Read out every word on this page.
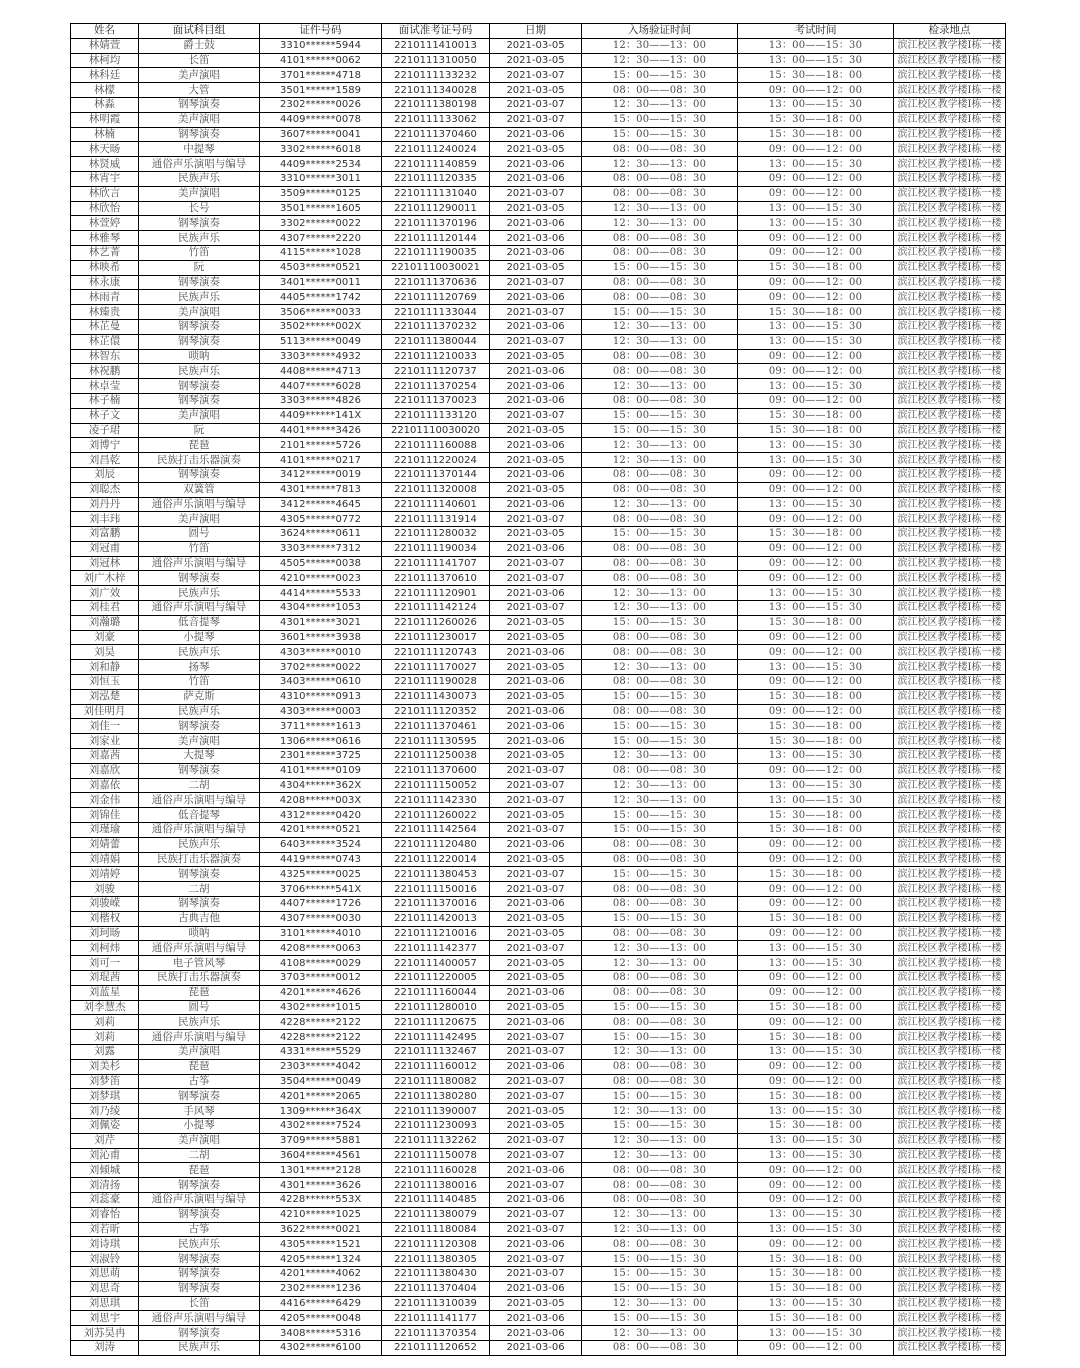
姓名	面试科目组	证件号码	面试准考证号码	日期	入场验证时间	考试时间	检录地点
林婧萱	爵士鼓	3310******5944	2210111410013	2021-03-05	12：30——13：00	13：00——15：30	滨江校区教学楼I栋一楼
林柯均	长笛	4101******0062	2210111310050	2021-03-05	12：30——13：00	13：00——15：30	滨江校区教学楼I栋一楼
林科廷	美声演唱	3701******4718	2210111133232	2021-03-07	15：00——15：30	15：30——18：00	滨江校区教学楼I栋一楼
林檬	大管	3501******1589	2210111340028	2021-03-05	08：00——08：30	09：00——12：00	滨江校区教学楼I栋一楼
林淼	钢琴演奏	2302******0026	2210111380198	2021-03-07	12：30——13：00	13：00——15：30	滨江校区教学楼I栋一楼
林明霞	美声演唱	4409******0078	2210111133062	2021-03-07	15：00——15：30	15：30——18：00	滨江校区教学楼I栋一楼
林楠	钢琴演奏	3607******0041	2210111370460	2021-03-06	15：00——15：30	15：30——18：00	滨江校区教学楼I栋一楼
林天旸	中提琴	3302******6018	2210111240024	2021-03-05	08：00——08：30	09：00——12：00	滨江校区教学楼I栋一楼
林贤威	通俗声乐演唱与编导	4409******2534	2210111140859	2021-03-06	12：30——13：00	13：00——15：30	滨江校区教学楼I栋一楼
林宵宇	民族声乐	3310******3011	2210111120335	2021-03-06	08：00——08：30	09：00——12：00	滨江校区教学楼I栋一楼
林欣言	美声演唱	3509******0125	2210111131040	2021-03-07	08：00——08：30	09：00——12：00	滨江校区教学楼I栋一楼
林欣怡	长号	3501******1605	2210111290011	2021-03-05	12：30——13：00	13：00——15：30	滨江校区教学楼I栋一楼
林萱婷	钢琴演奏	3302******0022	2210111370196	2021-03-06	12：30——13：00	13：00——15：30	滨江校区教学楼I栋一楼
林雅琴	民族声乐	4307******2220	2210111120144	2021-03-06	08：00——08：30	09：00——12：00	滨江校区教学楼I栋一楼
林艺菁	竹笛	4115******1028	2210111190035	2021-03-06	08：00——08：30	09：00——12：00	滨江校区教学楼I栋一楼
林映希	阮	4503******0521	22101110030021	2021-03-05	15：00——15：30	15：30——18：00	滨江校区教学楼I栋一楼
林永康	钢琴演奏	3401******0011	2210111370636	2021-03-07	08：00——08：30	09：00——12：00	滨江校区教学楼I栋一楼
林雨青	民族声乐	4405******1742	2210111120769	2021-03-06	08：00——08：30	09：00——12：00	滨江校区教学楼I栋一楼
林臻贵	美声演唱	3506******0033	2210111133044	2021-03-07	15：00——15：30	15：30——18：00	滨江校区教学楼I栋一楼
林芷曼	钢琴演奏	3502******002X	2210111370232	2021-03-06	12：30——13：00	13：00——15：30	滨江校区教学楼I栋一楼
林芷儇	钢琴演奏	5113******0049	2210111380044	2021-03-07	12：30——13：00	13：00——15：30	滨江校区教学楼I栋一楼
林智东	唢呐	3303******4932	2210111210033	2021-03-05	08：00——08：30	09：00——12：00	滨江校区教学楼I栋一楼
林祝鹏	民族声乐	4408******4713	2210111120737	2021-03-06	08：00——08：30	09：00——12：00	滨江校区教学楼I栋一楼
林卓莹	钢琴演奏	4407******6028	2210111370254	2021-03-06	12：30——13：00	13：00——15：30	滨江校区教学楼I栋一楼
林子楠	钢琴演奏	3303******4826	2210111370023	2021-03-06	08：00——08：30	09：00——12：00	滨江校区教学楼I栋一楼
林子文	美声演唱	4409******141X	2210111133120	2021-03-07	15：00——15：30	15：30——18：00	滨江校区教学楼I栋一楼
凌子珺	阮	4401******3426	22101110030020	2021-03-05	15：00——15：30	15：30——18：00	滨江校区教学楼I栋一楼
刘博宁	琵琶	2101******5726	2210111160088	2021-03-06	12：30——13：00	13：00——15：30	滨江校区教学楼I栋一楼
刘昌乾	民族打击乐器演奏	4101******0217	2210111220024	2021-03-05	12：30——13：00	13：00——15：30	滨江校区教学楼I栋一楼
刘辰	钢琴演奏	3412******0019	2210111370144	2021-03-06	08：00——08：30	09：00——12：00	滨江校区教学楼I栋一楼
刘聪杰	双簧管	4301******7813	2210111320008	2021-03-05	08：00——08：30	09：00——12：00	滨江校区教学楼I栋一楼
刘丹丹	通俗声乐演唱与编导	3412******4645	2210111140601	2021-03-06	12：30——13：00	13：00——15：30	滨江校区教学楼I栋一楼
刘丰玮	美声演唱	4305******0772	2210111131914	2021-03-07	08：00——08：30	09：00——12：00	滨江校区教学楼I栋一楼
刘富鹏	圆号	3624******0611	2210111280032	2021-03-05	15：00——15：30	15：30——18：00	滨江校区教学楼I栋一楼
刘冠甫	竹笛	3303******7312	2210111190034	2021-03-06	08：00——08：30	09：00——12：00	滨江校区教学楼I栋一楼
刘冠林	通俗声乐演唱与编导	4505******0038	2210111141707	2021-03-07	08：00——08：30	09：00——12：00	滨江校区教学楼I栋一楼
刘广木梓	钢琴演奏	4210******0023	2210111370610	2021-03-07	08：00——08：30	09：00——12：00	滨江校区教学楼I栋一楼
刘广效	民族声乐	4414******5533	2210111120901	2021-03-06	12：30——13：00	13：00——15：30	滨江校区教学楼I栋一楼
刘桂君	通俗声乐演唱与编导	4304******1053	2210111142124	2021-03-07	12：30——13：00	13：00——15：30	滨江校区教学楼I栋一楼
刘瀚璐	低音提琴	4301******3021	2210111260026	2021-03-05	15：00——15：30	15：30——18：00	滨江校区教学楼I栋一楼
刘豪	小提琴	3601******3938	2210111230017	2021-03-05	08：00——08：30	09：00——12：00	滨江校区教学楼I栋一楼
刘昊	民族声乐	4303******0010	2210111120743	2021-03-06	08：00——08：30	09：00——12：00	滨江校区教学楼I栋一楼
刘和静	扬琴	3702******0022	2210111170027	2021-03-05	12：30——13：00	13：00——15：30	滨江校区教学楼I栋一楼
刘恒玉	竹笛	3403******0610	2210111190028	2021-03-06	08：00——08：30	09：00——12：00	滨江校区教学楼I栋一楼
刘泓楚	萨克斯	4310******0913	2210111430073	2021-03-05	15：00——15：30	15：30——18：00	滨江校区教学楼I栋一楼
刘佳明月	民族声乐	4303******0003	2210111120352	2021-03-06	08：00——08：30	09：00——12：00	滨江校区教学楼I栋一楼
刘佳一	钢琴演奏	3711******1613	2210111370461	2021-03-06	15：00——15：30	15：30——18：00	滨江校区教学楼I栋一楼
刘家业	美声演唱	1306******0616	2210111130595	2021-03-06	15：00——15：30	15：30——18：00	滨江校区教学楼I栋一楼
刘嘉茜	大提琴	2301******3725	2210111250038	2021-03-05	12：30——13：00	13：00——15：30	滨江校区教学楼I栋一楼
刘嘉欣	钢琴演奏	4101******0109	2210111370600	2021-03-07	08：00——08：30	09：00——12：00	滨江校区教学楼I栋一楼
刘嘉依	二胡	4304******362X	2210111150052	2021-03-07	12：30——13：00	13：00——15：30	滨江校区教学楼I栋一楼
刘金伟	通俗声乐演唱与编导	4208******003X	2210111142330	2021-03-07	12：30——13：00	13：00——15：30	滨江校区教学楼I栋一楼
刘锦佳	低音提琴	4312******0420	2210111260022	2021-03-05	15：00——15：30	15：30——18：00	滨江校区教学楼I栋一楼
刘瑾瑜	通俗声乐演唱与编导	4201******0521	2210111142564	2021-03-07	15：00——15：30	15：30——18：00	滨江校区教学楼I栋一楼
刘婧蕾	民族声乐	6403******3524	2210111120480	2021-03-06	08：00——08：30	09：00——12：00	滨江校区教学楼I栋一楼
刘靖娟	民族打击乐器演奏	4419******0743	2210111220014	2021-03-05	08：00——08：30	09：00——12：00	滨江校区教学楼I栋一楼
刘靖婷	钢琴演奏	4325******0025	2210111380453	2021-03-07	15：00——15：30	15：30——18：00	滨江校区教学楼I栋一楼
刘骏	二胡	3706******541X	2210111150016	2021-03-07	08：00——08：30	09：00——12：00	滨江校区教学楼I栋一楼
刘骏嵘	钢琴演奏	4407******1726	2210111370016	2021-03-06	08：00——08：30	09：00——12：00	滨江校区教学楼I栋一楼
刘楷权	古典吉他	4307******0030	2210111420013	2021-03-05	15：00——15：30	15：30——18：00	滨江校区教学楼I栋一楼
刘珂旸	唢呐	3101******4010	2210111210016	2021-03-05	08：00——08：30	09：00——12：00	滨江校区教学楼I栋一楼
刘柯炜	通俗声乐演唱与编导	4208******0063	2210111142377	2021-03-07	12：30——13：00	13：00——15：30	滨江校区教学楼I栋一楼
刘可一	电子管风琴	4108******0029	2210111400057	2021-03-05	12：30——13：00	13：00——15：30	滨江校区教学楼I栋一楼
刘琨茜	民族打击乐器演奏	3703******0012	2210111220005	2021-03-05	08：00——08：30	09：00——12：00	滨江校区教学楼I栋一楼
刘蓝星	琵琶	4201******4626	2210111160044	2021-03-06	08：00——08：30	09：00——12：00	滨江校区教学楼I栋一楼
刘李慧杰	圆号	4302******1015	2210111280010	2021-03-05	15：00——15：30	15：30——18：00	滨江校区教学楼I栋一楼
刘莉	民族声乐	4228******2122	2210111120675	2021-03-06	08：00——08：30	09：00——12：00	滨江校区教学楼I栋一楼
刘莉	通俗声乐演唱与编导	4228******2122	2210111142495	2021-03-07	15：00——15：30	15：30——18：00	滨江校区教学楼I栋一楼
刘露	美声演唱	4331******5529	2210111132467	2021-03-07	12：30——13：00	13：00——15：30	滨江校区教学楼I栋一楼
刘美杉	琵琶	2303******4042	2210111160012	2021-03-06	08：00——08：30	09：00——12：00	滨江校区教学楼I栋一楼
刘梦笛	古筝	3504******0049	2210111180082	2021-03-07	08：00——08：30	09：00——12：00	滨江校区教学楼I栋一楼
刘梦琪	钢琴演奏	4201******2065	2210111380280	2021-03-07	15：00——15：30	15：30——18：00	滨江校区教学楼I栋一楼
刘乃绫	手风琴	1309******364X	2210111390007	2021-03-05	12：30——13：00	13：00——15：30	滨江校区教学楼I栋一楼
刘佩姿	小提琴	4302******7524	2210111230093	2021-03-05	15：00——15：30	15：30——18：00	滨江校区教学楼I栋一楼
刘芹	美声演唱	3709******5881	2210111132262	2021-03-07	12：30——13：00	13：00——15：30	滨江校区教学楼I栋一楼
刘沁甫	二胡	3604******4561	2210111150078	2021-03-07	12：30——13：00	13：00——15：30	滨江校区教学楼I栋一楼
刘倾城	琵琶	1301******2128	2210111160028	2021-03-06	08：00——08：30	09：00——12：00	滨江校区教学楼I栋一楼
刘清扬	钢琴演奏	4301******3626	2210111380016	2021-03-07	08：00——08：30	09：00——12：00	滨江校区教学楼I栋一楼
刘蕊豪	通俗声乐演唱与编导	4228******553X	2210111140485	2021-03-06	08：00——08：30	09：00——12：00	滨江校区教学楼I栋一楼
刘睿怡	钢琴演奏	4210******1025	2210111380079	2021-03-07	12：30——13：00	13：00——15：30	滨江校区教学楼I栋一楼
刘若昕	古筝	3622******0021	2210111180084	2021-03-07	12：30——13：00	13：00——15：30	滨江校区教学楼I栋一楼
刘诗琪	民族声乐	4305******1521	2210111120308	2021-03-06	08：00——08：30	09：00——12：00	滨江校区教学楼I栋一楼
刘淑铃	钢琴演奏	4205******1324	2210111380305	2021-03-07	15：00——15：30	15：30——18：00	滨江校区教学楼I栋一楼
刘思萌	钢琴演奏	4201******4062	2210111380430	2021-03-07	15：00——15：30	15：30——18：00	滨江校区教学楼I栋一楼
刘思奇	钢琴演奏	2302******1236	2210111370404	2021-03-06	15：00——15：30	15：30——18：00	滨江校区教学楼I栋一楼
刘思琪	长笛	4416******6429	2210111310039	2021-03-05	12：30——13：00	13：00——15：30	滨江校区教学楼I栋一楼
刘思宇	通俗声乐演唱与编导	4205******0048	2210111141177	2021-03-06	15：00——15：30	15：30——18：00	滨江校区教学楼I栋一楼
刘苏昊冉	钢琴演奏	3408******5316	2210111370354	2021-03-06	12：30——13：00	13：00——15：30	滨江校区教学楼I栋一楼
刘涛	民族声乐	4302******6100	2210111120652	2021-03-06	08：00——08：30	09：00——12：00	滨江校区教学楼I栋一楼
